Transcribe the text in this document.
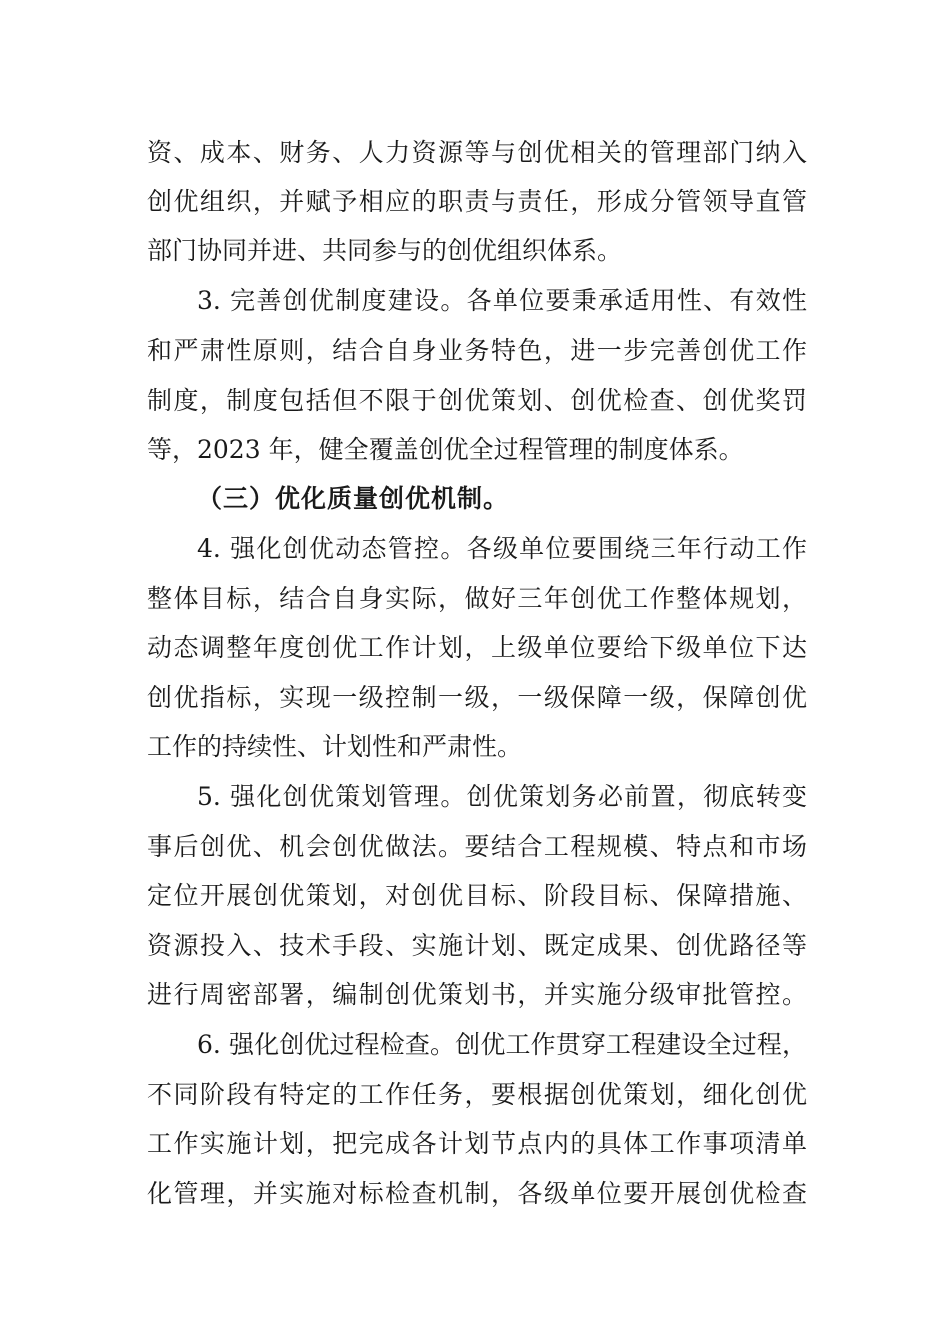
资、成本、财务、人力资源等与创优相关的管理部门纳入
创优组织，并赋予相应的职责与责任，形成分管领导直管
部门协同并进、共同参与的创优组织体系。
3. 完善创优制度建设。各单位要秉承适用性、有效性
和严肃性原则，结合自身业务特色，进一步完善创优工作
制度，制度包括但不限于创优策划、创优检查、创优奖罚
等，2023 年，健全覆盖创优全过程管理的制度体系。
（三）优化质量创优机制。
4. 强化创优动态管控。各级单位要围绕三年行动工作
整体目标，结合自身实际，做好三年创优工作整体规划，
动态调整年度创优工作计划，上级单位要给下级单位下达
创优指标，实现一级控制一级，一级保障一级，保障创优
工作的持续性、计划性和严肃性。
5. 强化创优策划管理。创优策划务必前置，彻底转变
事后创优、机会创优做法。要结合工程规模、特点和市场
定位开展创优策划，对创优目标、阶段目标、保障措施、
资源投入、技术手段、实施计划、既定成果、创优路径等
进行周密部署，编制创优策划书，并实施分级审批管控。
6. 强化创优过程检查。创优工作贯穿工程建设全过程，
不同阶段有特定的工作任务，要根据创优策划，细化创优
工作实施计划，把完成各计划节点内的具体工作事项清单
化管理，并实施对标检查机制，各级单位要开展创优检查
